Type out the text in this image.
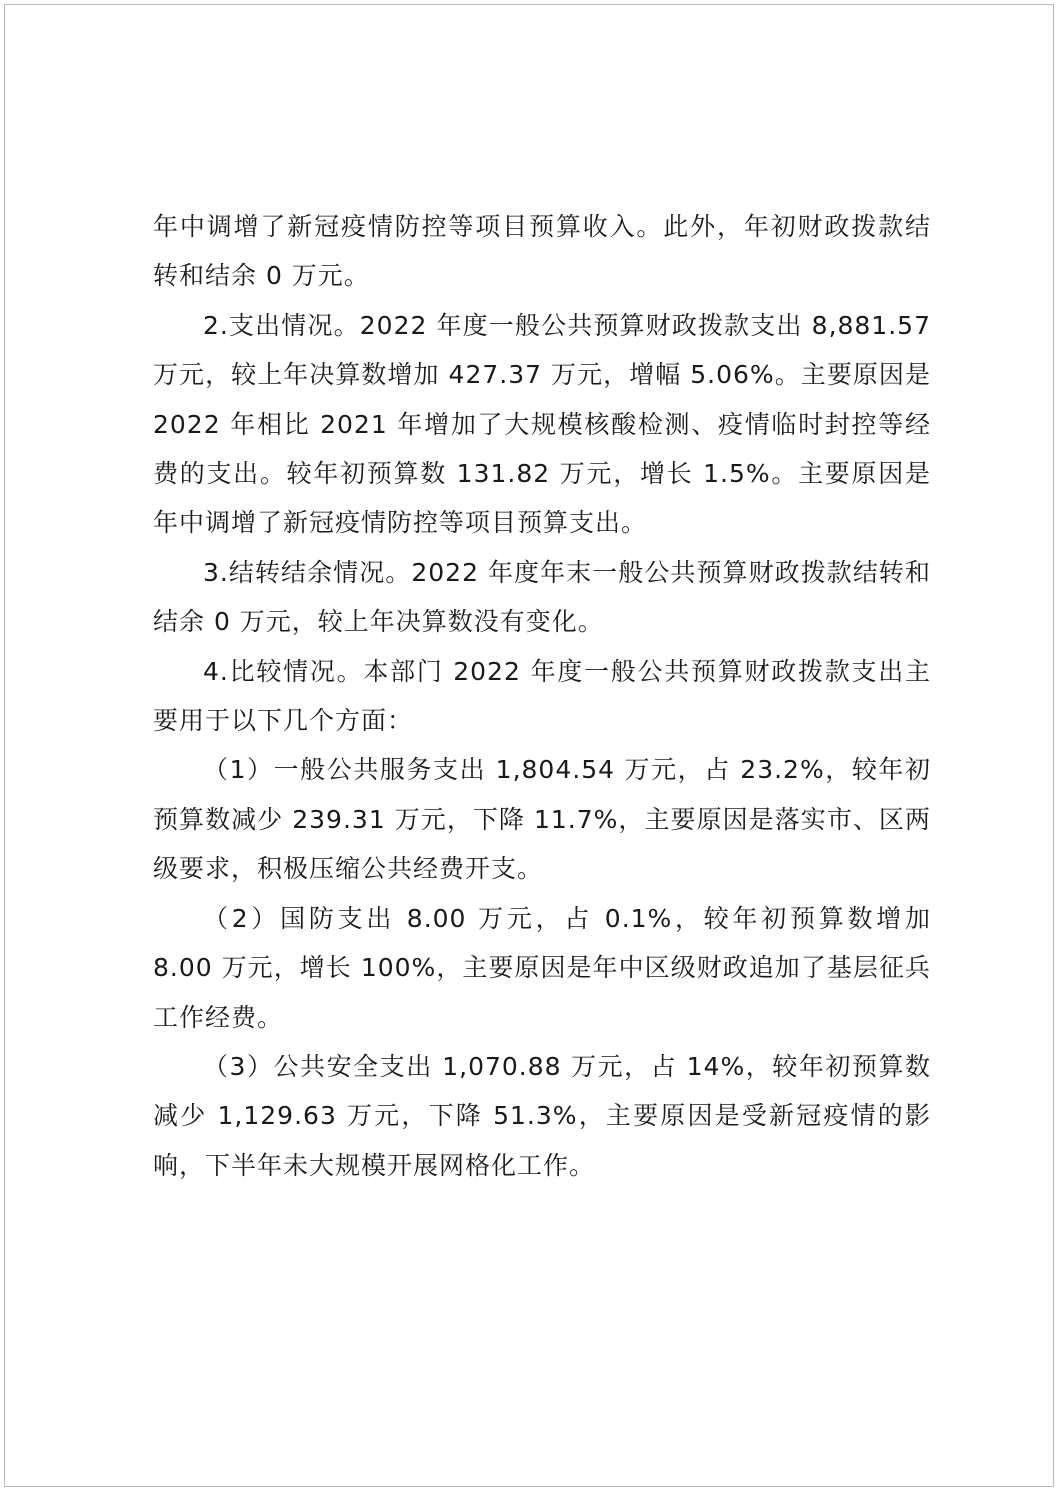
年中调增了新冠疫情防控等项目预算收入。此外，年初财政拨款结转和结余 0 万元。

2.支出情况。2022 年度一般公共预算财政拨款支出 8,881.57 万元，较上年决算数增加 427.37 万元，增幅 5.06%。主要原因是 2022 年相比 2021 年增加了大规模核酸检测、疫情临时封控等经费的支出。较年初预算数 131.82 万元，增长 1.5%。主要原因是年中调增了新冠疫情防控等项目预算支出。

3.结转结余情况。2022 年度年末一般公共预算财政拨款结转和结余 0 万元，较上年决算数没有变化。

4.比较情况。本部门 2022 年度一般公共预算财政拨款支出主要用于以下几个方面：

（1）一般公共服务支出 1,804.54 万元，占 23.2%，较年初预算数减少 239.31 万元，下降 11.7%，主要原因是落实市、区两级要求，积极压缩公共经费开支。

（2）国防支出 8.00 万元，占 0.1%，较年初预算数增加 8.00 万元，增长 100%，主要原因是年中区级财政追加了基层征兵工作经费。

（3）公共安全支出 1,070.88 万元，占 14%，较年初预算数减少 1,129.63 万元，下降 51.3%，主要原因是受新冠疫情的影响，下半年未大规模开展网格化工作。
